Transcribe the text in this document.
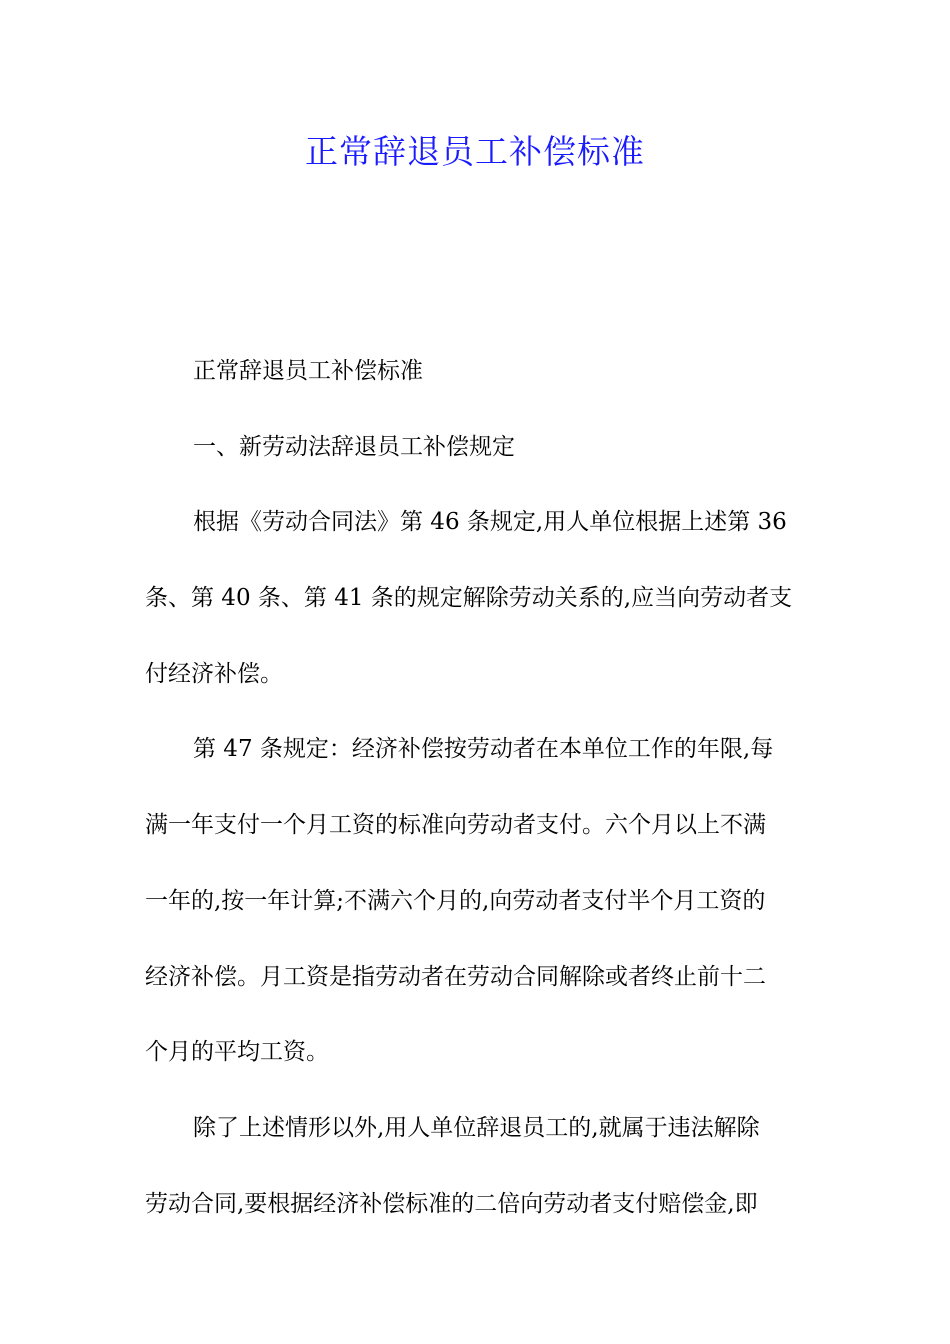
正常辞退员工补偿标准
正常辞退员工补偿标准
一、新劳动法辞退员工补偿规定
根据《劳动合同法》第 46 条规定,用人单位根据上述第 36
条、第 40 条、第 41 条的规定解除劳动关系的,应当向劳动者支
付经济补偿。
第 47 条规定：经济补偿按劳动者在本单位工作的年限,每
满一年支付一个月工资的标准向劳动者支付。六个月以上不满
一年的,按一年计算;不满六个月的,向劳动者支付半个月工资的
经济补偿。月工资是指劳动者在劳动合同解除或者终止前十二
个月的平均工资。
除了上述情形以外,用人单位辞退员工的,就属于违法解除
劳动合同,要根据经济补偿标准的二倍向劳动者支付赔偿金,即
